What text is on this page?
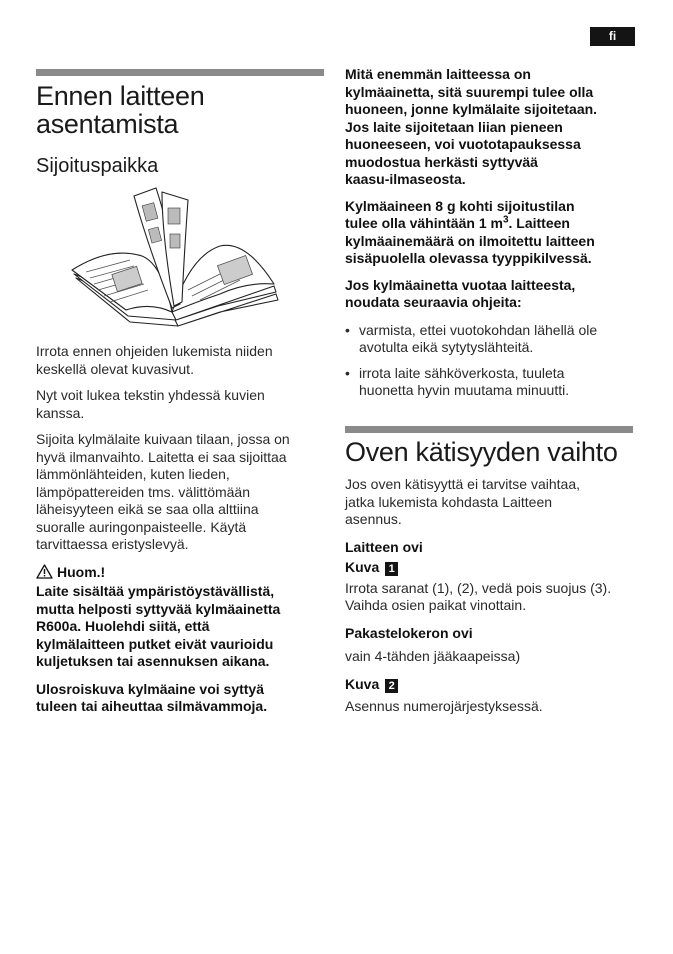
fi
Ennen laitteen
asentamista
Sijoituspaikka

Irrota ennen ohjeiden lukemista niiden
keskellä olevat kuvasivut.

Nyt voit lukea tekstin yhdessä kuvien
kanssa.

Sijoita kylmälaite kuivaan tilaan, jossa on
hyvä ilmanvaihto. Laitetta ei saa sijoittaa
lämmönlähteiden, kuten lieden,
lämpöpattereiden tms. välittömään
läheisyyteen eikä se saa olla alttiina
suoralle auringonpaisteelle. Käytä
tarvittaessa eristyslevyä.

Huom.!

Laite sisältää ympäristöystävällistä,
mutta helposti syttyvää kylmäainetta
R600a. Huolehdi siitä, että
kylmälaitteen putket eivät vaurioidu
kuljetuksen tai asennuksen aikana.

Ulosroiskuva kylmäaine voi syttyä
tuleen tai aiheuttaa silmävammoja.

Mitä enemmän laitteessa on
kylmäainetta, sitä suurempi tulee olla
huoneen, jonne kylmälaite sijoitetaan.
Jos laite sijoitetaan liian pieneen
huoneeseen, voi vuototapauksessa
muodostua herkästi syttyvää
kaasu-ilmaseosta.

Kylmäaineen 8 g kohti sijoitustilan
tulee olla vähintään 1 $m^3$. Laitteen
kylmäainemäärä on ilmoitettu laitteen
sisäpuolella olevassa tyyppikilvessä.

Jos kylmäainetta vuotaa laitteesta,
noudata seuraavia ohjeita:

• varmista, ettei vuotokohdan lähellä ole
avotulta eikä sytytyslähteitä.
• irrota laite sähköverkosta, tuuleta
huonetta hyvin muutama minuutti.
Oven kätisyyden vaihto

Jos oven kätisyyttä ei tarvitse vaihtaa,
jatka lukemista kohdasta Laitteen
asennus.

Laitteen ovi

Kuva 1

Irrota saranat (1), (2), vedä pois suojus (3).
Vaihda osien paikat vinottain.

Pakastelokeron ovi

vain 4-tähden jääkaapeissa)

Kuva 2

Asennus numerojärjestyksessä.
